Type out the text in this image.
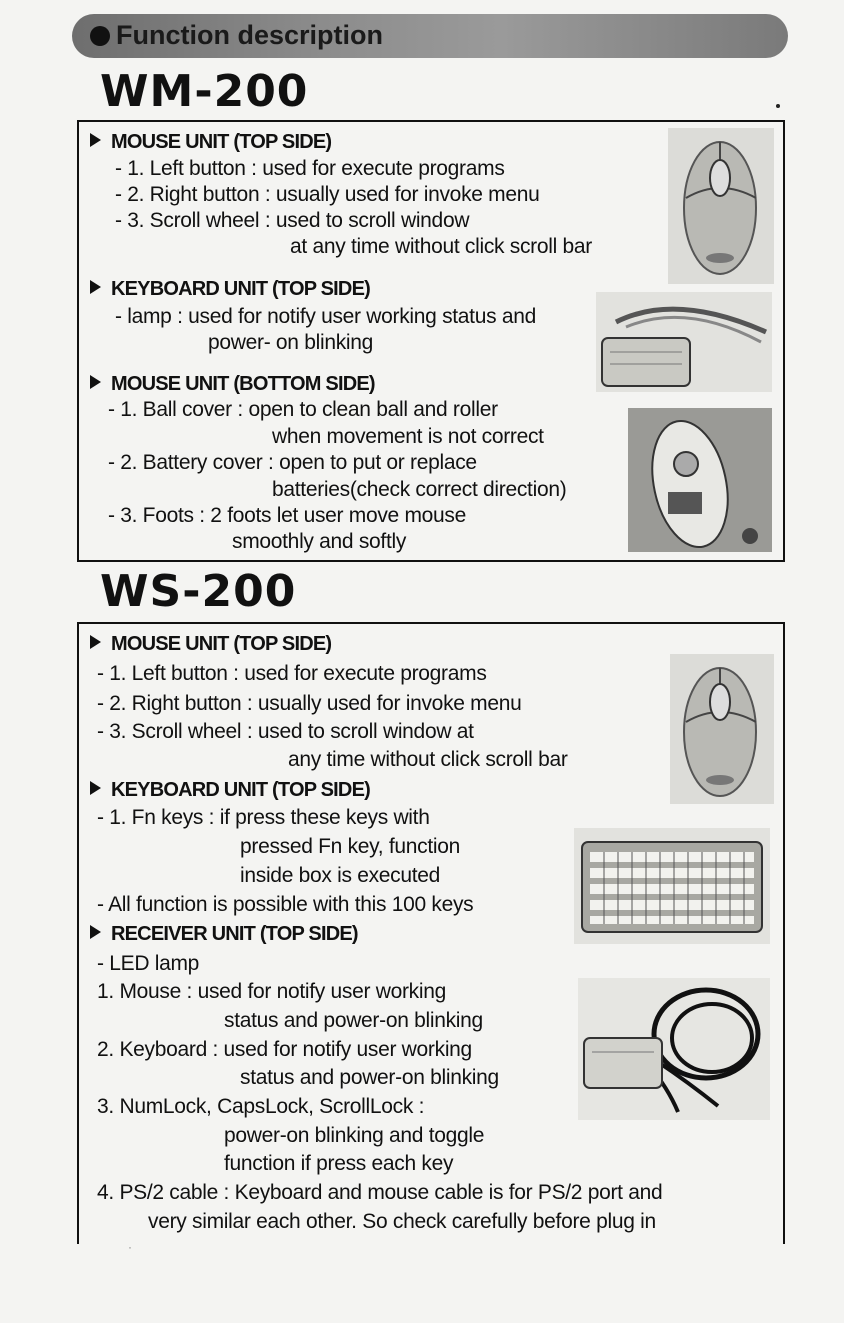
Function description
WM-200
MOUSE UNIT (TOP SIDE)
- 1. Left button : used for execute programs
- 2. Right button : usually used for invoke menu
- 3. Scroll wheel : used to scroll window
at any time without click scroll bar
KEYBOARD UNIT (TOP SIDE)
- lamp : used for notify user working status and
power- on blinking
MOUSE UNIT (BOTTOM SIDE)
- 1. Ball cover : open to clean ball and roller
when movement is not correct
- 2. Battery cover : open to put or replace
batteries(check correct direction)
- 3. Foots : 2 foots let user move mouse
smoothly and softly
WS-200
MOUSE UNIT (TOP SIDE)
- 1. Left button : used for execute programs
- 2. Right button : usually used for invoke menu
- 3. Scroll wheel : used to scroll window at
any time without click scroll bar
KEYBOARD UNIT (TOP SIDE)
- 1. Fn keys : if press these keys with
pressed Fn key, function
inside box is executed
- All function is possible with this 100 keys
RECEIVER UNIT (TOP SIDE)
- LED lamp
1. Mouse : used for notify user working
status and power-on blinking
2. Keyboard : used for notify user working
status and power-on blinking
3. NumLock, CapsLock, ScrollLock :
power-on blinking and toggle
function if press each key
4. PS/2 cable : Keyboard and mouse cable is for PS/2 port and
very similar each other. So check carefully before plug in
·
